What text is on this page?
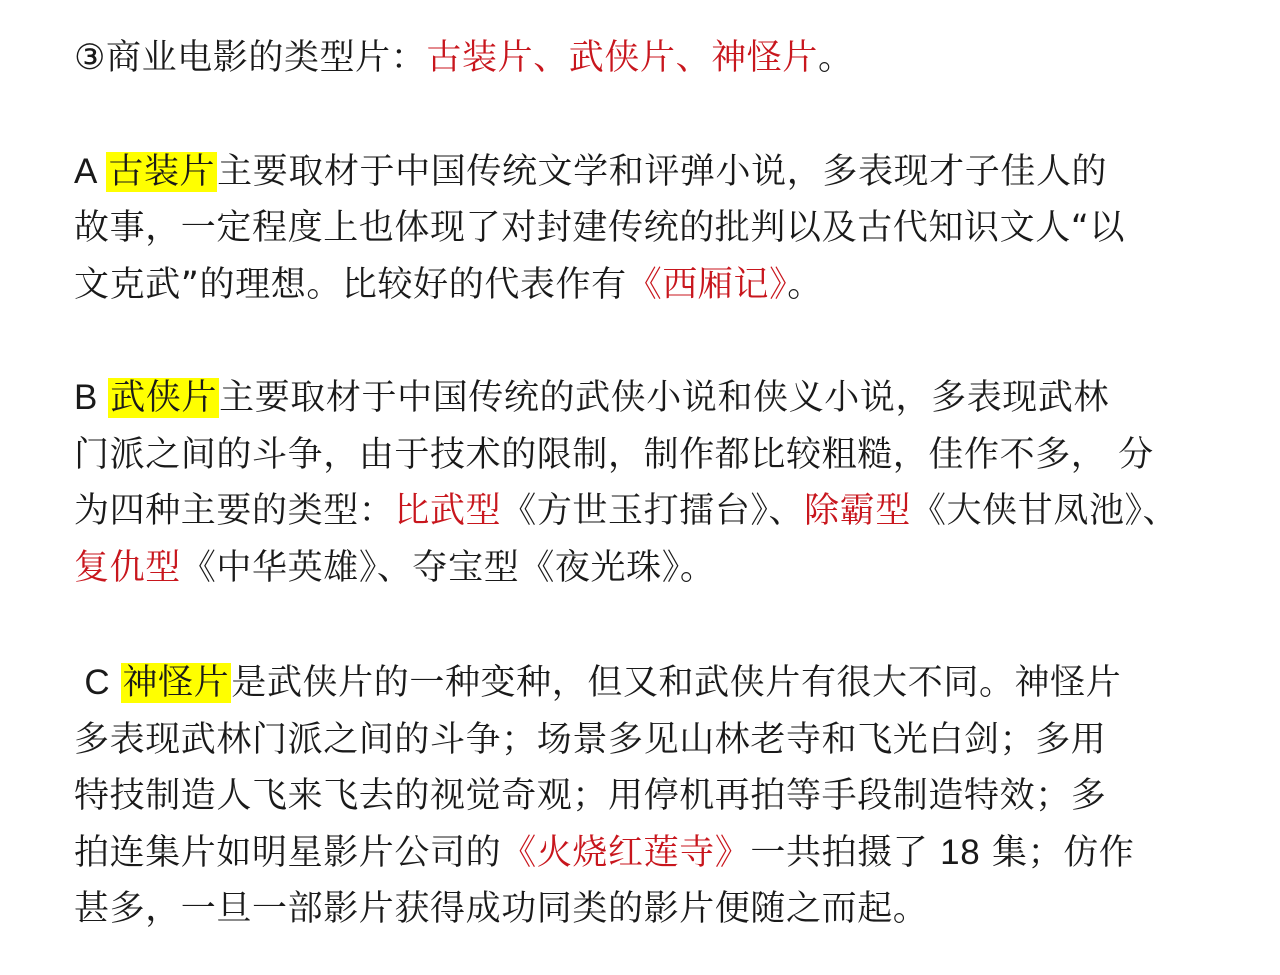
③商业电影的类型片：古装片、武侠片、神怪片。
A 古装片主要取材于中国传统文学和评弹小说，多表现才子佳人的
故事，一定程度上也体现了对封建传统的批判以及古代知识文人“以
文克武”的理想。比较好的代表作有《西厢记》。
B 武侠片主要取材于中国传统的武侠小说和侠义小说，多表现武林
门派之间的斗争，由于技术的限制，制作都比较粗糙，佳作不多， 分
为四种主要的类型：比武型《方世玉打擂台》、除霸型《大侠甘凤池》、
复仇型《中华英雄》、夺宝型《夜光珠》。
C 神怪片是武侠片的一种变种，但又和武侠片有很大不同。神怪片
多表现武林门派之间的斗争；场景多见山林老寺和飞光白剑；多用
特技制造人飞来飞去的视觉奇观；用停机再拍等手段制造特效；多
拍连集片如明星影片公司的《火烧红莲寺》一共拍摄了 18 集；仿作
甚多，一旦一部影片获得成功同类的影片便随之而起。
